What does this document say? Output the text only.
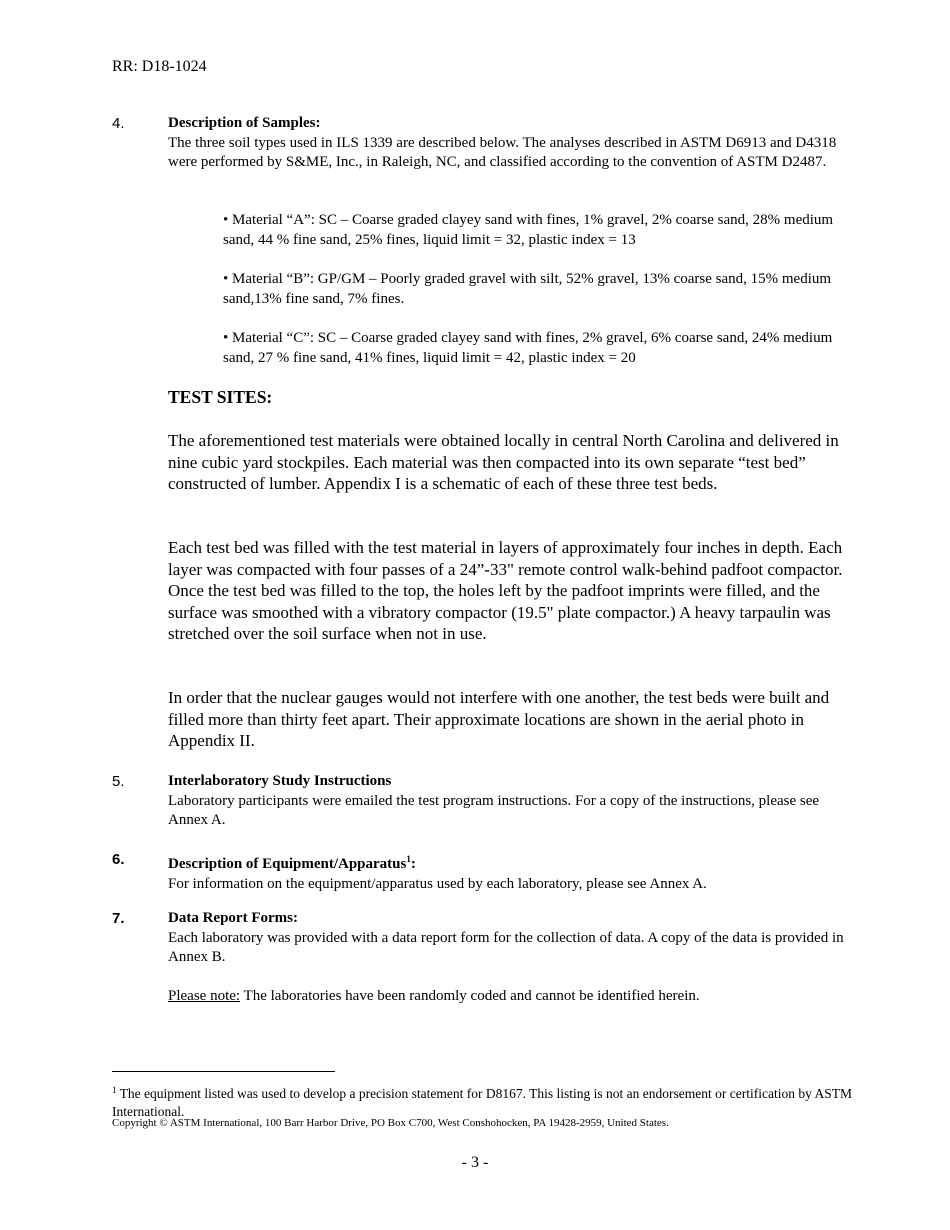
RR: D18-1024
4.	Description of Samples:

The three soil types used in ILS 1339 are described below. The analyses described in ASTM D6913 and D4318 were performed by S&ME, Inc., in Raleigh, NC, and classified according to the convention of ASTM D2487.

• Material “A”: SC – Coarse graded clayey sand with fines, 1% gravel, 2% coarse sand, 28% medium sand, 44 % fine sand, 25% fines, liquid limit = 32, plastic index = 13
• Material “B”: GP/GM – Poorly graded gravel with silt, 52% gravel, 13% coarse sand, 15% medium sand,13% fine sand, 7% fines.
• Material “C”: SC – Coarse graded clayey sand with fines, 2% gravel, 6% coarse sand, 24% medium sand, 27 % fine sand, 41% fines, liquid limit = 42, plastic index = 20
TEST SITES:
The aforementioned test materials were obtained locally in central North Carolina and delivered in nine cubic yard stockpiles. Each material was then compacted into its own separate “test bed” constructed of lumber. Appendix I is a schematic of each of these three test beds.
Each test bed was filled with the test material in layers of approximately four inches in depth. Each layer was compacted with four passes of a 24”-33" remote control walk-behind padfoot compactor. Once the test bed was filled to the top, the holes left by the padfoot imprints were filled, and the surface was smoothed with a vibratory compactor (19.5" plate compactor.) A heavy tarpaulin was stretched over the soil surface when not in use.
In order that the nuclear gauges would not interfere with one another, the test beds were built and filled more than thirty feet apart. Their approximate locations are shown in the aerial photo in Appendix II.
5.	Interlaboratory Study Instructions

Laboratory participants were emailed the test program instructions. For a copy of the instructions, please see Annex A.

6.	Description of Equipment/Apparatus$^1$:

For information on the equipment/apparatus used by each laboratory, please see Annex A.

7.	Data Report Forms:

Each laboratory was provided with a data report form for the collection of data. A copy of the data is provided in Annex B.

Please note: The laboratories have been randomly coded and cannot be identified herein.
$^1$ The equipment listed was used to develop a precision statement for D8167. This listing is not an endorsement or certification by ASTM International.
Copyright © ASTM International, 100 Barr Harbor Drive, PO Box C700, West Conshohocken, PA 19428-2959, United States.
- 3 -
